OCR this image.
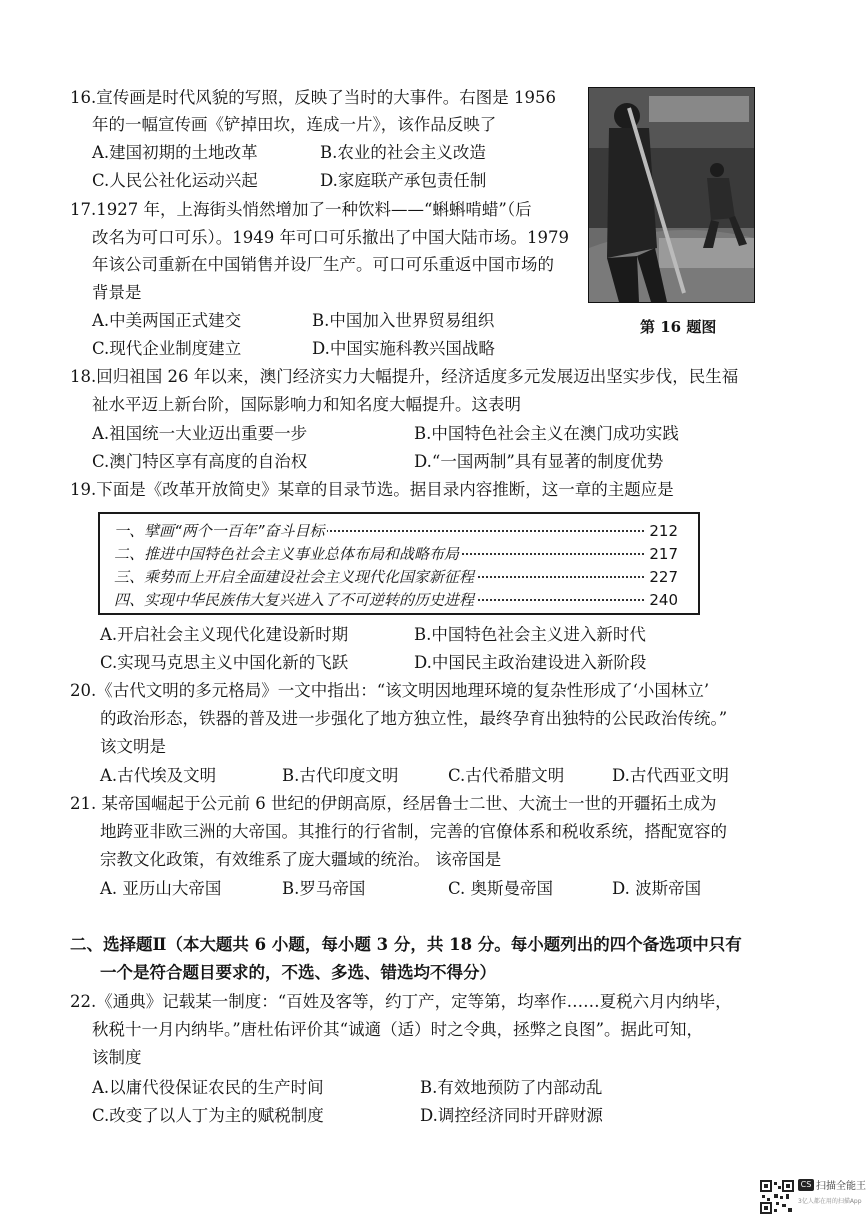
16.宣传画是时代风貌的写照，反映了当时的大事件。右图是 1956
年的一幅宣传画《铲掉田坎，连成一片》，该作品反映了
A.建国初期的土地改革	B.农业的社会主义改造
C.人民公社化运动兴起	D.家庭联产承包责任制
第 16 题图
17.1927 年，上海街头悄然增加了一种饮料——“蝌蝌啃蜡”（后
改名为可口可乐）。1949 年可口可乐撤出了中国大陆市场。1979
年该公司重新在中国销售并设厂生产。可口可乐重返中国市场的
背景是
A.中美两国正式建交	B.中国加入世界贸易组织
C.现代企业制度建立	D.中国实施科教兴国战略
18.回归祖国 26 年以来，澳门经济实力大幅提升，经济适度多元发展迈出坚实步伐，民生福
祉水平迈上新台阶，国际影响力和知名度大幅提升。这表明
A.祖国统一大业迈出重要一步	B.中国特色社会主义在澳门成功实践
C.澳门特区享有高度的自治权	D.“一国两制”具有显著的制度优势
19.下面是《改革开放简史》某章的目录节选。据目录内容推断，这一章的主题应是
一、擘画“两个一百年”奋斗目标	212
二、推进中国特色社会主义事业总体布局和战略布局	217
三、乘势而上开启全面建设社会主义现代化国家新征程	227
四、实现中华民族伟大复兴进入了不可逆转的历史进程	240
A.开启社会主义现代化建设新时期	B.中国特色社会主义进入新时代
C.实现马克思主义中国化新的飞跃	D.中国民主政治建设进入新阶段
20.《古代文明的多元格局》一文中指出：“该文明因地理环境的复杂性形成了‘小国林立’
的政治形态，铁器的普及进一步强化了地方独立性，最终孕育出独特的公民政治传统。”
该文明是
A.古代埃及文明	B.古代印度文明	C.古代希腊文明	D.古代西亚文明
21. 某帝国崛起于公元前 6 世纪的伊朗高原，经居鲁士二世、大流士一世的开疆拓土成为
地跨亚非欧三洲的大帝国。其推行的行省制，完善的官僚体系和税收系统，搭配宽容的
宗教文化政策，有效维系了庞大疆域的统治。 该帝国是
A. 亚历山大帝国	B.罗马帝国	C. 奥斯曼帝国	D. 波斯帝国
二、选择题Ⅱ（本大题共 6 小题，每小题 3 分，共 18 分。每小题列出的四个备选项中只有
一个是符合题目要求的，不选、多选、错选均不得分）
22.《通典》记载某一制度：“百姓及客等，约丁产，定等第，均率作……夏税六月内纳毕，
秋税十一月内纳毕。”唐杜佑评价其“诚適（适）时之令典，拯弊之良图”。据此可知，
该制度
A.以庸代役保证农民的生产时间	B.有效地预防了内部动乱
C.改变了以人丁为主的赋税制度	D.调控经济同时开辟财源
CS 扫描全能王
3亿人都在用的扫描App
